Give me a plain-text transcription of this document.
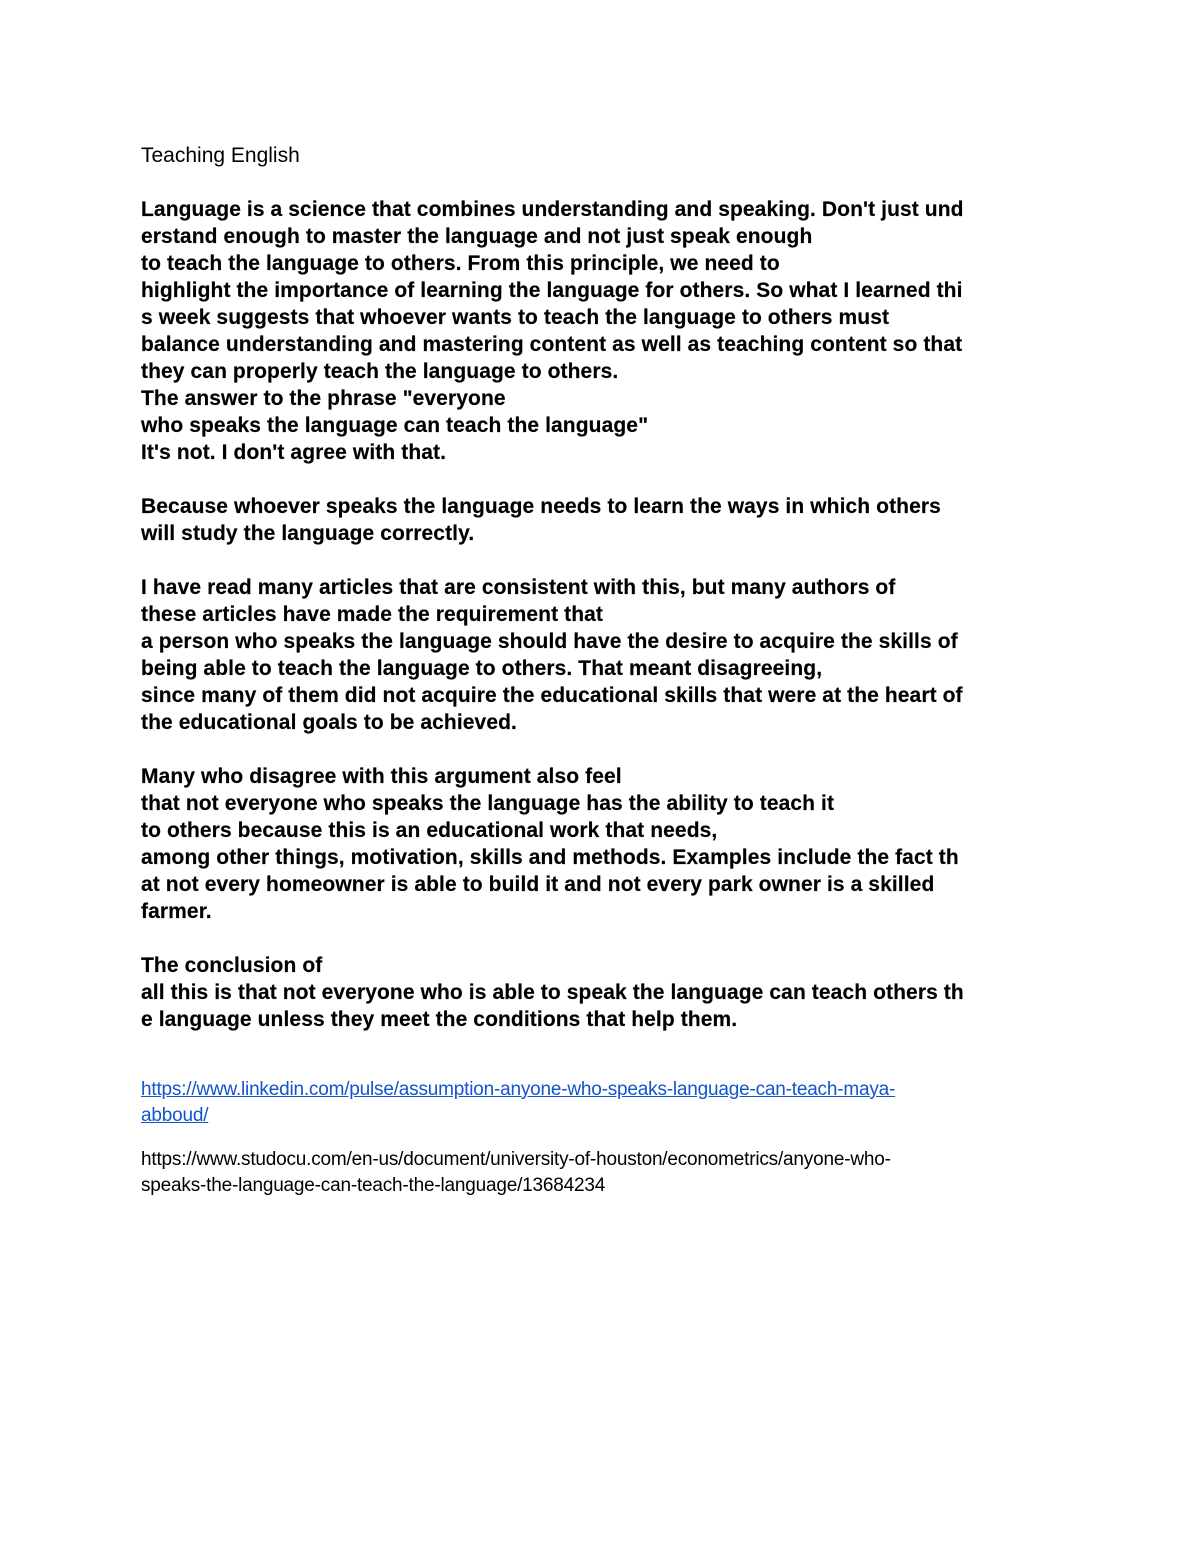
Teaching English
Language is a science that combines understanding and speaking. Don't just und
erstand enough to master the language and not just speak enough
to teach the language to others. From this principle, we need to
highlight the importance of learning the language for others. So what I learned thi
s week suggests that whoever wants to teach the language to others must
balance understanding and mastering content as well as teaching content so that
they can properly teach the language to others.
The answer to the phrase "everyone
who speaks the language can teach the language"
It's not. I don't agree with that.
Because whoever speaks the language needs to learn the ways in which others
will study the language correctly.
I have read many articles that are consistent with this, but many authors of
these articles have made the requirement that
a person who speaks the language should have the desire to acquire the skills of
being able to teach the language to others. That meant disagreeing,
since many of them did not acquire the educational skills that were at the heart of
the educational goals to be achieved.
Many who disagree with this argument also feel
that not everyone who speaks the language has the ability to teach it
to others because this is an educational work that needs,
among other things, motivation, skills and methods. Examples include the fact th
at not every homeowner is able to build it and not every park owner is a skilled
farmer.
The conclusion of
all this is that not everyone who is able to speak the language can teach others th
e language unless they meet the conditions that help them.
https://www.linkedin.com/pulse/assumption-anyone-who-speaks-language-can-teach-maya-
abboud/
https://www.studocu.com/en-us/document/university-of-houston/econometrics/anyone-who-
speaks-the-language-can-teach-the-language/13684234
